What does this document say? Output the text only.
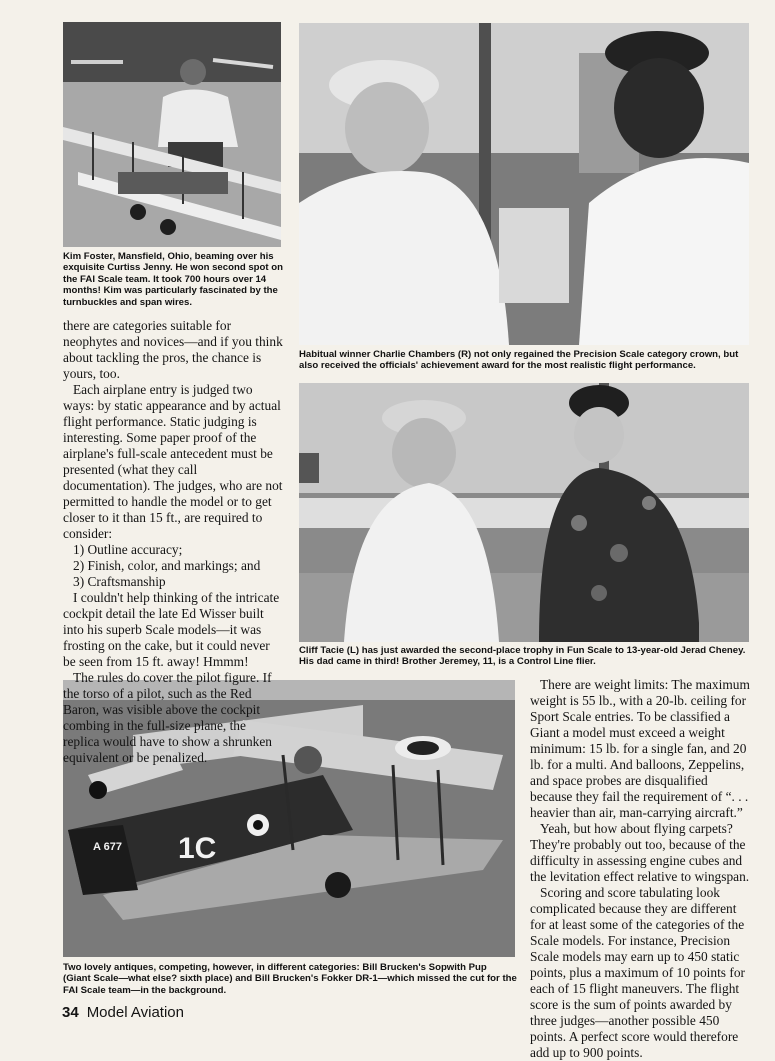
Kim Foster, Mansfield, Ohio, beaming over his exquisite Curtiss Jenny. He won second spot on the FAI Scale team. It took 700 hours over 14 months! Kim was particularly fascinated by the turnbuckles and span wires.

Habitual winner Charlie Chambers (R) not only regained the Precision Scale category crown, but also received the officials' achievement award for the most realistic flight performance.

Cliff Tacie (L) has just awarded the second-place trophy in Fun Scale to 13-year-old Jerad Cheney. His dad came in third! Brother Jeremey, 11, is a Control Line flier.

1C
A 677

Two lovely antiques, competing, however, in different categories: Bill Brucken's Sopwith Pup (Giant Scale—what else? sixth place) and Bill Brucken's Fokker DR-1—which missed the cut for the FAI Scale team—in the background.

there are categories suitable for neophytes and novices—and if you think about tackling the pros, the chance is yours, too.

Each airplane entry is judged two ways: by static appearance and by actual flight performance. Static judging is interesting. Some paper proof of the airplane's full-scale antecedent must be presented (what they call documentation). The judges, who are not permitted to handle the model or to get closer to it than 15 ft., are required to consider:

1) Outline accuracy;
2) Finish, color, and markings; and
3) Craftsmanship

I couldn't help thinking of the intricate cockpit detail the late Ed Wisser built into his superb Scale models—it was frosting on the cake, but it could never be seen from 15 ft. away! Hmmm!

The rules do cover the pilot figure. If the torso of a pilot, such as the Red Baron, was visible above the cockpit combing in the full-size plane, the replica would have to show a shrunken equivalent or be penalized.

There are weight limits: The maximum weight is 55 lb., with a 20-lb. ceiling for Sport Scale entries. To be classified a Giant a model must exceed a weight minimum: 15 lb. for a single fan, and 20 lb. for a multi. And balloons, Zeppelins, and space probes are disqualified because they fail the requirement of “. . . heavier than air, man-carrying aircraft.”

Yeah, but how about flying carpets? They're probably out too, because of the difficulty in assessing engine cubes and the levitation effect relative to wingspan.

Scoring and score tabulating look complicated because they are different for at least some of the categories of the Scale models. For instance, Precision Scale models may earn up to 450 static points, plus a maximum of 10 points for each of 15 flight maneuvers. The flight score is the sum of points awarded by three judges—another possible 450 points. A perfect score would therefore add up to 900 points.

34 Model Aviation
